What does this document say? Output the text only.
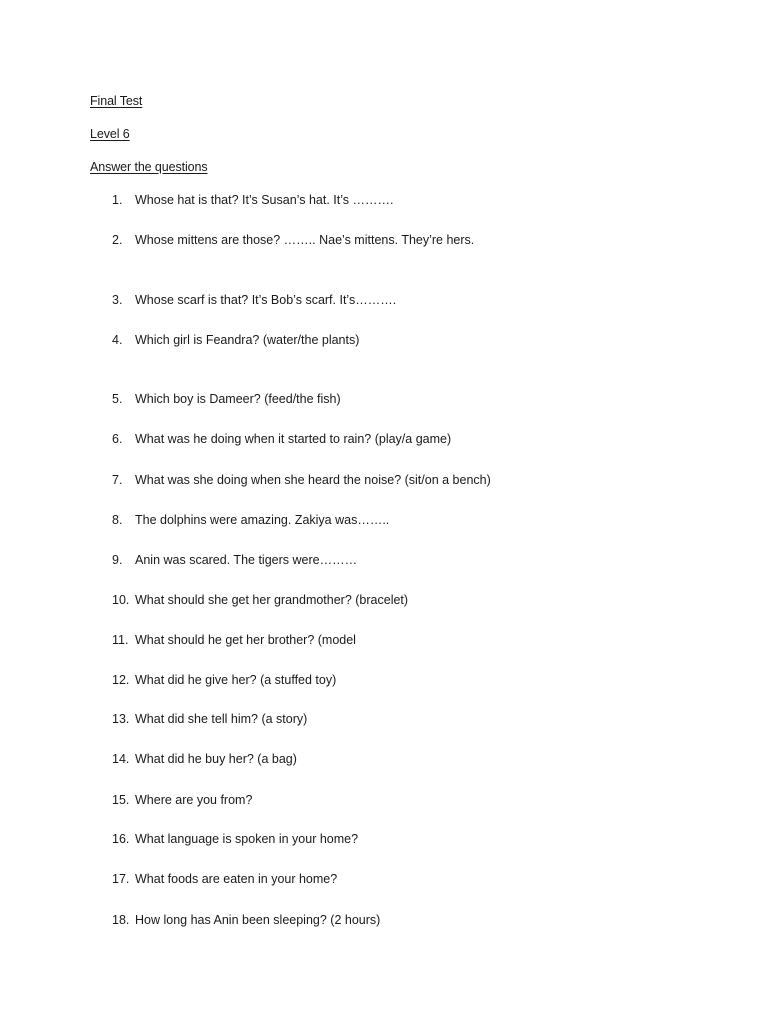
Final Test
Level 6
Answer the questions
1. Whose hat is that? It’s Susan’s hat. It’s ……….
2. Whose mittens are those? …….. Nae’s mittens. They’re hers.
3. Whose scarf is that? It’s Bob’s scarf. It’s……….
4. Which girl is Feandra? (water/the plants)
5. Which boy is Dameer? (feed/the fish)
6. What was he doing when it started to rain? (play/a game)
7. What was she doing when she heard the noise? (sit/on a bench)
8. The dolphins were amazing. Zakiya was……..
9. Anin was scared. The tigers were………
10. What should she get her grandmother? (bracelet)
11. What should he get her brother? (model
12. What did he give her? (a stuffed toy)
13. What did she tell him? (a story)
14. What did he buy her? (a bag)
15. Where are you from?
16. What language is spoken in your home?
17. What foods are eaten in your home?
18. How long has Anin been sleeping? (2 hours)
